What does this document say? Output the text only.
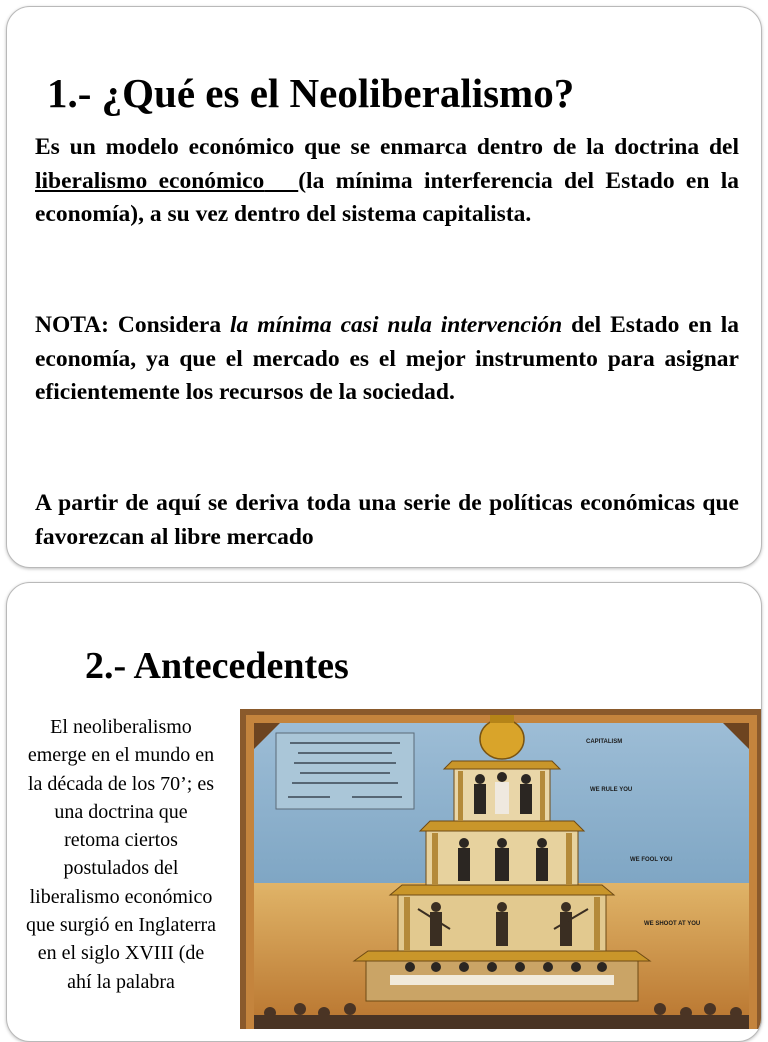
1.- ¿Qué es el Neoliberalismo?

Es un modelo económico que se enmarca dentro de la doctrina del liberalismo económico (la mínima interferencia del Estado en la economía), a su vez dentro del sistema capitalista.

NOTA: Considera la mínima casi nula intervención del Estado en la economía, ya que el mercado es el mejor instrumento para asignar eficientemente los recursos de la sociedad.

A partir de aquí se deriva toda una serie de políticas económicas que favorezcan al libre mercado

2.- Antecedentes

El neoliberalismo emerge en el mundo en la década de los 70’; es una doctrina que retoma ciertos postulados del liberalismo económico que surgió en Inglaterra en el siglo XVIII (de ahí la palabra

CAPITALISM
WE RULE YOU
WE FOOL YOU
WE SHOOT AT YOU
